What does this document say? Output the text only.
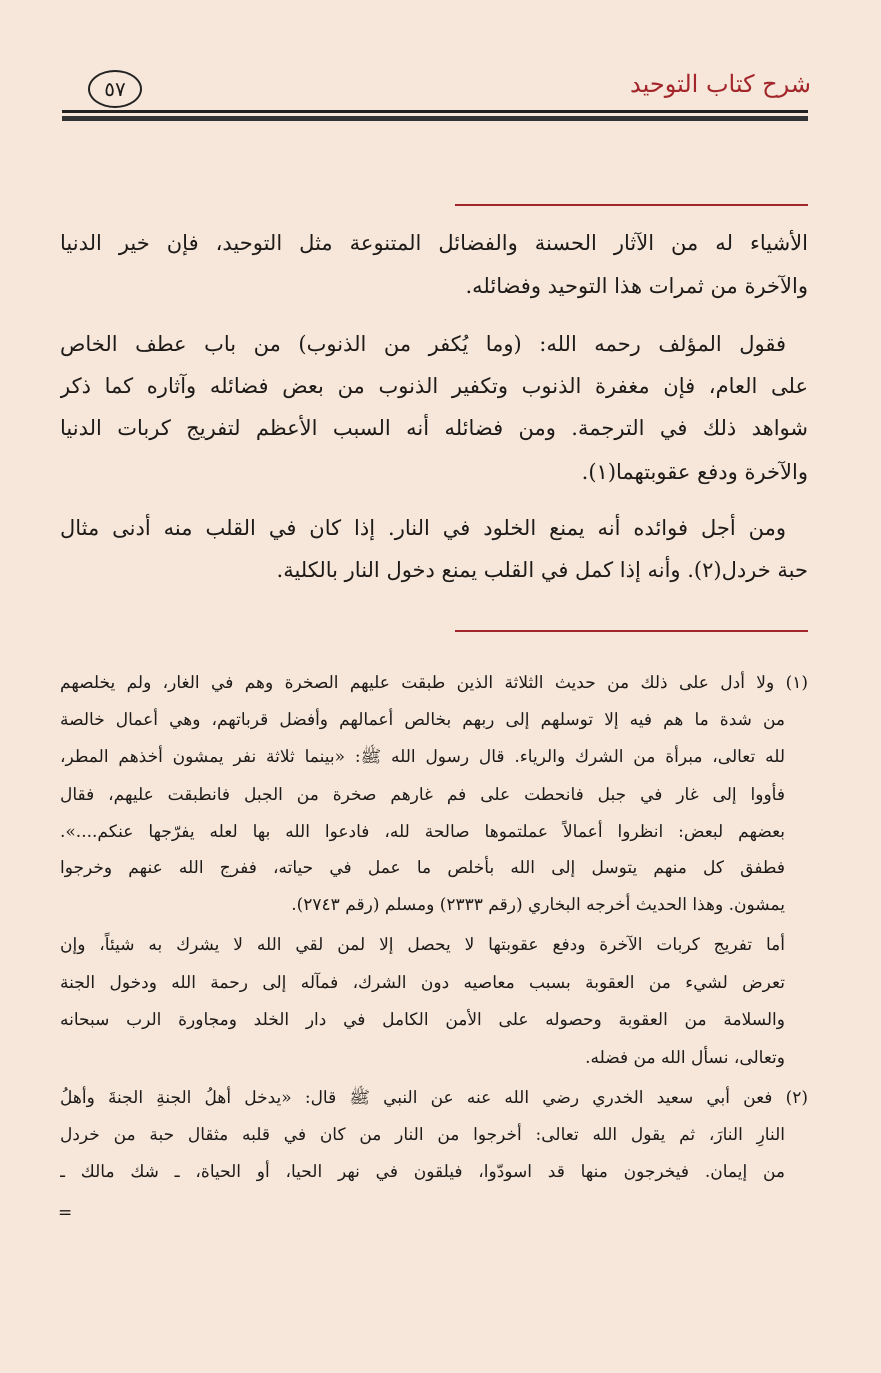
شرح كتاب التوحيد
٥٧
الأشياء له من الآثار الحسنة والفضائل المتنوعة مثل التوحيد، فإن خير الدنيا
والآخرة من ثمرات هذا التوحيد وفضائله.
فقول المؤلف رحمه الله: (وما يُكفر من الذنوب) من باب عطف الخاص
على العام، فإن مغفرة الذنوب وتكفير الذنوب من بعض فضائله وآثاره كما ذكر
شواهد ذلك في الترجمة. ومن فضائله أنه السبب الأعظم لتفريج كربات الدنيا
والآخرة ودفع عقوبتهما(١).
ومن أجل فوائده أنه يمنع الخلود في النار. إذا كان في القلب منه أدنى مثال
حبة خردل(٢). وأنه إذا كمل في القلب يمنع دخول النار بالكلية.
(١) ولا أدل على ذلك من حديث الثلاثة الذين طبقت عليهم الصخرة وهم في الغار، ولم يخلصهم
من شدة ما هم فيه إلا توسلهم إلى ربهم بخالص أعمالهم وأفضل قرباتهم، وهي أعمال خالصة
لله تعالى، مبرأة من الشرك والرياء. قال رسول الله ﷺ: «بينما ثلاثة نفر يمشون أخذهم المطر،
فأووا إلى غار في جبل فانحطت على فم غارهم صخرة من الجبل فانطبقت عليهم، فقال
بعضهم لبعض: انظروا أعمالاً عملتموها صالحة لله، فادعوا الله بها لعله يفرّجها عنكم....».
فطفق كل منهم يتوسل إلى الله بأخلص ما عمل في حياته، ففرج الله عنهم وخرجوا
يمشون. وهذا الحديث أخرجه البخاري (رقم ٢٣٣٣) ومسلم (رقم ٢٧٤٣).
أما تفريج كربات الآخرة ودفع عقوبتها لا يحصل إلا لمن لقي الله لا يشرك به شيئاً، وإن
تعرض لشيء من العقوبة بسبب معاصيه دون الشرك، فمآله إلى رحمة الله ودخول الجنة
والسلامة من العقوبة وحصوله على الأمن الكامل في دار الخلد ومجاورة الرب سبحانه
وتعالى، نسأل الله من فضله.
(٢) فعن أبي سعيد الخدري رضي الله عنه عن النبي ﷺ قال: «يدخل أهلُ الجنةِ الجنةَ وأهلُ
النارِ النارَ، ثم يقول الله تعالى: أخرجوا من النار من كان في قلبه مثقال حبة من خردل
من إيمان. فيخرجون منها قد اسودّوا، فيلقون في نهر الحيا، أو الحياة، ـ شك مالك ـ
=
